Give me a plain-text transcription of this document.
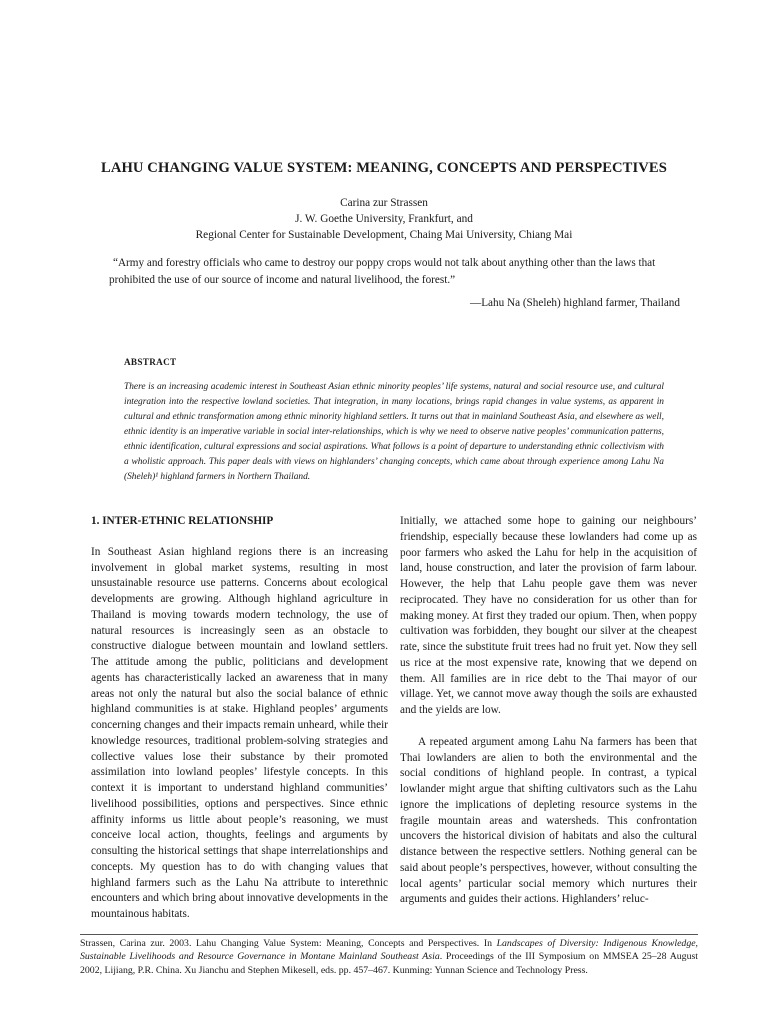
LAHU CHANGING VALUE SYSTEM: MEANING, CONCEPTS AND PERSPECTIVES
Carina zur Strassen
J. W. Goethe University, Frankfurt, and
Regional Center for Sustainable Development, Chaing Mai University, Chiang Mai
“Army and forestry officials who came to destroy our poppy crops would not talk about anything other than the laws that prohibited the use of our source of income and natural livelihood, the forest.”
—Lahu Na (Sheleh) highland farmer, Thailand
ABSTRACT
There is an increasing academic interest in Southeast Asian ethnic minority peoples’ life systems, natural and social resource use, and cultural integration into the respective lowland societies. That integration, in many locations, brings rapid changes in value systems, as apparent in cultural and ethnic transformation among ethnic minority highland settlers. It turns out that in mainland Southeast Asia, and elsewhere as well, ethnic identity is an imperative variable in social inter-relationships, which is why we need to observe native peoples’ communication patterns, ethnic identification, cultural expressions and social aspirations. What follows is a point of departure to understanding ethnic collectivism with a wholistic approach. This paper deals with views on highlanders’ changing concepts, which came about through experience among Lahu Na (Sheleh)¹ highland farmers in Northern Thailand.
1. INTER-ETHNIC RELATIONSHIP

In Southeast Asian highland regions there is an increasing involvement in global market systems, resulting in most unsustainable resource use patterns. Concerns about ecological developments are growing. Although highland agriculture in Thailand is moving towards modern technology, the use of natural resources is increasingly seen as an obstacle to constructive dialogue between mountain and lowland settlers. The attitude among the public, politicians and development agents has characteristically lacked an awareness that in many areas not only the natural but also the social balance of ethnic highland communities is at stake. Highland peoples’ arguments concerning changes and their impacts remain unheard, while their knowledge resources, traditional problem-solving strategies and collective values lose their substance by their promoted assimilation into lowland peoples’ lifestyle concepts. In this context it is important to understand highland communities’ livelihood possibilities, options and perspectives. Since ethnic affinity informs us little about people’s reasoning, we must conceive local action, thoughts, feelings and arguments by consulting the historical settings that shape interrelationships and concepts. My question has to do with changing values that highland farmers such as the Lahu Na attribute to interethnic encounters and which bring about innovative developments in the mountainous habitats.

Initially, we attached some hope to gaining our neighbours’ friendship, especially because these lowlanders had come up as poor farmers who asked the Lahu for help in the acquisition of land, house construction, and later the provision of farm labour. However, the help that Lahu people gave them was never reciprocated. They have no consideration for us other than for making money. At first they traded our opium. Then, when poppy cultivation was forbidden, they bought our silver at the cheapest rate, since the substitute fruit trees had no fruit yet. Now they sell us rice at the most expensive rate, knowing that we depend on them. All families are in rice debt to the Thai mayor of our village. Yet, we cannot move away though the soils are exhausted and the yields are low.

A repeated argument among Lahu Na farmers has been that Thai lowlanders are alien to both the environmental and the social conditions of highland people. In contrast, a typical lowlander might argue that shifting cultivators such as the Lahu ignore the implications of depleting resource systems in the fragile mountain areas and watersheds. This confrontation uncovers the historical division of habitats and also the cultural distance between the respective settlers. Nothing general can be said about people’s perspectives, however, without consulting the local agents’ particular social memory which nurtures their arguments and guides their actions. Highlanders’ reluc-

Strassen, Carina zur. 2003. Lahu Changing Value System: Meaning, Concepts and Perspectives. In Landscapes of Diversity: Indigenous Knowledge, Sustainable Livelihoods and Resource Governance in Montane Mainland Southeast Asia. Proceedings of the III Symposium on MMSEA 25–28 August 2002, Lijiang, P.R. China. Xu Jianchu and Stephen Mikesell, eds. pp. 457–467. Kunming: Yunnan Science and Technology Press.
